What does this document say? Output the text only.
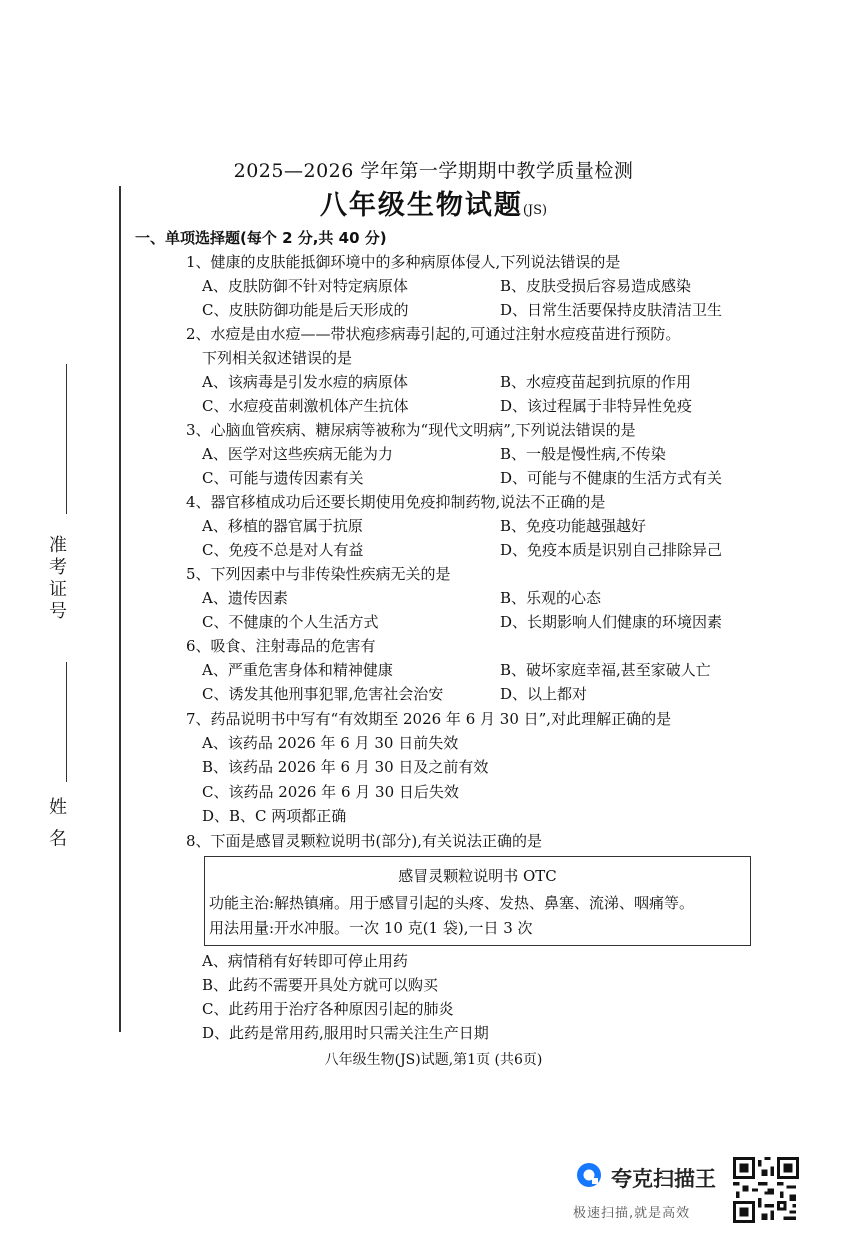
2025—2026 学年第一学期期中教学质量检测
八年级生物试题(JS)
准考证号
姓 名
一、单项选择题(每个 2 分,共 40 分)
1、健康的皮肤能抵御环境中的多种病原体侵人,下列说法错误的是
A、皮肤防御不针对特定病原体	B、皮肤受损后容易造成感染
C、皮肤防御功能是后天形成的	D、日常生活要保持皮肤清洁卫生
2、水痘是由水痘——带状疱疹病毒引起的,可通过注射水痘疫苗进行预防。
下列相关叙述错误的是
A、该病毒是引发水痘的病原体	B、水痘疫苗起到抗原的作用
C、水痘疫苗刺激机体产生抗体	D、该过程属于非特异性免疫
3、心脑血管疾病、糖尿病等被称为“现代文明病”,下列说法错误的是
A、医学对这些疾病无能为力	B、一般是慢性病,不传染
C、可能与遗传因素有关	D、可能与不健康的生活方式有关
4、器官移植成功后还要长期使用免疫抑制药物,说法不正确的是
A、移植的器官属于抗原	B、免疫功能越强越好
C、免疫不总是对人有益	D、免疫本质是识别自己排除异己
5、下列因素中与非传染性疾病无关的是
A、遗传因素	B、乐观的心态
C、不健康的个人生活方式	D、长期影响人们健康的环境因素
6、吸食、注射毒品的危害有
A、严重危害身体和精神健康	B、破坏家庭幸福,甚至家破人亡
C、诱发其他刑事犯罪,危害社会治安	D、以上都对
7、药品说明书中写有“有效期至 2026 年 6 月 30 日”,对此理解正确的是
A、该药品 2026 年 6 月 30 日前失效
B、该药品 2026 年 6 月 30 日及之前有效
C、该药品 2026 年 6 月 30 日后失效
D、B、C 两项都正确
8、下面是感冒灵颗粒说明书(部分),有关说法正确的是
感冒灵颗粒说明书 OTC
功能主治:解热镇痛。用于感冒引起的头疼、发热、鼻塞、流涕、咽痛等。
用法用量:开水冲服。一次 10 克(1 袋),一日 3 次
A、病情稍有好转即可停止用药
B、此药不需要开具处方就可以购买
C、此药用于治疗各种原因引起的肺炎
D、此药是常用药,服用时只需关注生产日期
八年级生物(JS)试题,第1页 (共6页)
夸克扫描王
极速扫描,就是高效
